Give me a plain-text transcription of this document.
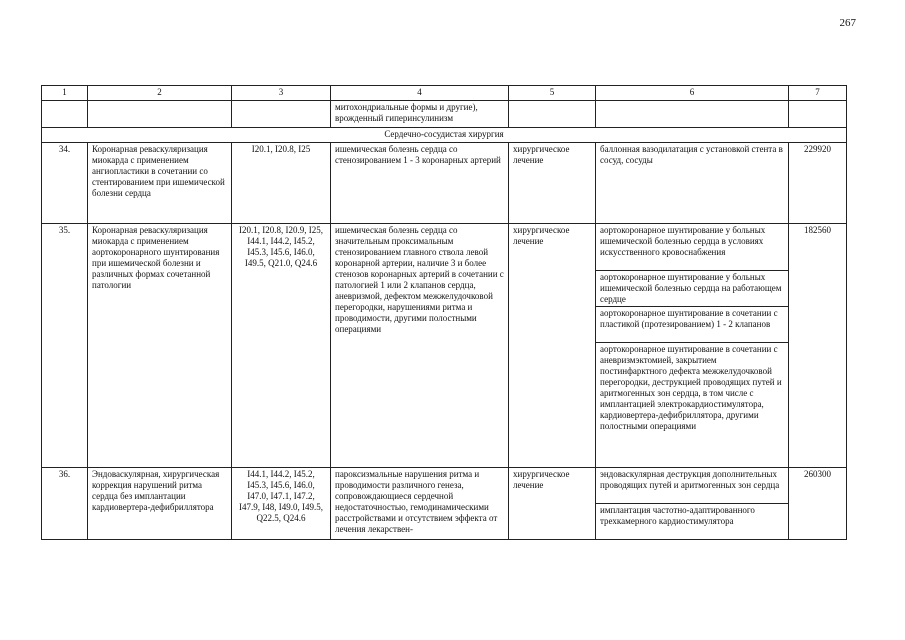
267
1	2	3	4	5	6	7
			митохондриальные формы и другие), врожденный гиперинсулинизм			
Сердечно-сосудистая хирургия						
34.	Коронарная реваскуляризация миокарда с применением ангиопластики в сочетании со стентированием при ишемической болезни сердца	I20.1, I20.8, I25	ишемическая болезнь сердца со стенозированием 1 - 3 коронарных артерий	хирургическое лечение	баллонная вазодилатация с установкой стента в сосуд, сосуды	229920
35.	Коронарная реваскуляризация миокарда с применением аортокоронарного шунтирования при ишемической болезни и различных формах сочетанной патологии	I20.1, I20.8, I20.9, I25, I44.1, I44.2, I45.2, I45.3, I45.6, I46.0, I49.5, Q21.0, Q24.6	ишемическая болезнь сердца со значительным проксимальным стенозированием главного ствола левой коронарной артерии, наличие 3 и более стенозов коронарных артерий в сочетании с патологией 1 или 2 клапанов сердца, аневризмой, дефектом межжелудочковой перегородки, нарушениями ритма и проводимости, другими полостными операциями	хирургическое лечение	аортокоронарное шунтирование у больных ишемической болезнью сердца в условиях искусственного кровоснабжения	182560
					аортокоронарное шунтирование у больных ишемической болезнью сердца на работающем сердце	
					аортокоронарное шунтирование в сочетании с пластикой (протезированием) 1 - 2 клапанов	
					аортокоронарное шунтирование в сочетании с аневризмэктомией, закрытием постинфарктного дефекта межжелудочковой перегородки, деструкцией проводящих путей и аритмогенных зон сердца, в том числе с имплантацией электрокардиостимулятора, кардиовертера-дефибриллятора, другими полостными операциями	
36.	Эндоваскулярная, хирургическая коррекция нарушений ритма сердца без имплантации кардиовертера-дефибриллятора	I44.1, I44.2, I45.2, I45.3, I45.6, I46.0, I47.0, I47.1, I47.2, I47.9, I48, I49.0, I49.5, Q22.5, Q24.6	пароксизмальные нарушения ритма и проводимости различного генеза, сопровождающиеся сердечной недостаточностью, гемодинамическими расстройствами и отсутствием эффекта от лечения лекарствен-	хирургическое лечение	эндоваскулярная деструкция дополнительных проводящих путей и аритмогенных зон сердца	260300
					имплантация частотно-адаптированного трехкамерного кардиостимулятора	
